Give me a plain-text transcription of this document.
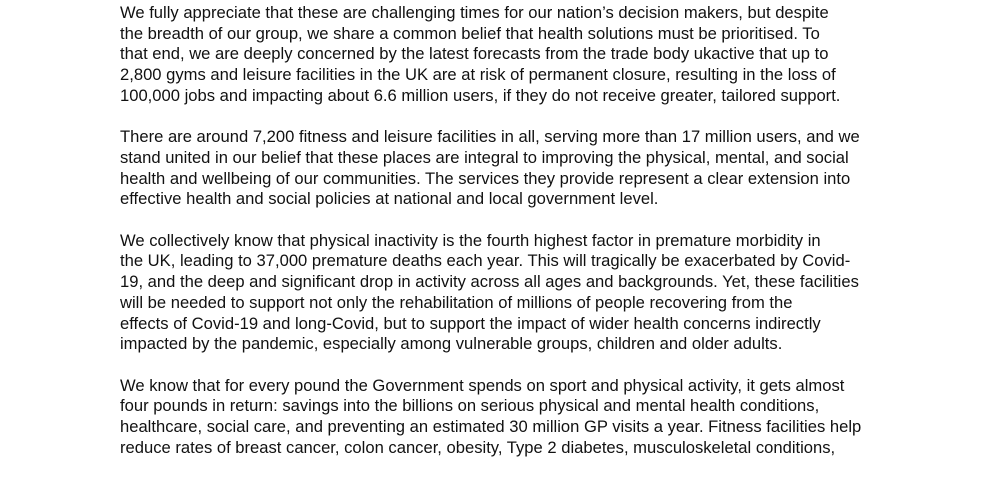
We fully appreciate that these are challenging times for our nation’s decision makers, but despite
the breadth of our group, we share a common belief that health solutions must be prioritised. To
that end, we are deeply concerned by the latest forecasts from the trade body ukactive that up to
2,800 gyms and leisure facilities in the UK are at risk of permanent closure, resulting in the loss of
100,000 jobs and impacting about 6.6 million users, if they do not receive greater, tailored support.

There are around 7,200 fitness and leisure facilities in all, serving more than 17 million users, and we
stand united in our belief that these places are integral to improving the physical, mental, and social
health and wellbeing of our communities. The services they provide represent a clear extension into
effective health and social policies at national and local government level.

We collectively know that physical inactivity is the fourth highest factor in premature morbidity in
the UK, leading to 37,000 premature deaths each year. This will tragically be exacerbated by Covid-
19, and the deep and significant drop in activity across all ages and backgrounds. Yet, these facilities
will be needed to support not only the rehabilitation of millions of people recovering from the
effects of Covid-19 and long-Covid, but to support the impact of wider health concerns indirectly
impacted by the pandemic, especially among vulnerable groups, children and older adults.

We know that for every pound the Government spends on sport and physical activity, it gets almost
four pounds in return: savings into the billions on serious physical and mental health conditions,
healthcare, social care, and preventing an estimated 30 million GP visits a year. Fitness facilities help
reduce rates of breast cancer, colon cancer, obesity, Type 2 diabetes, musculoskeletal conditions,
